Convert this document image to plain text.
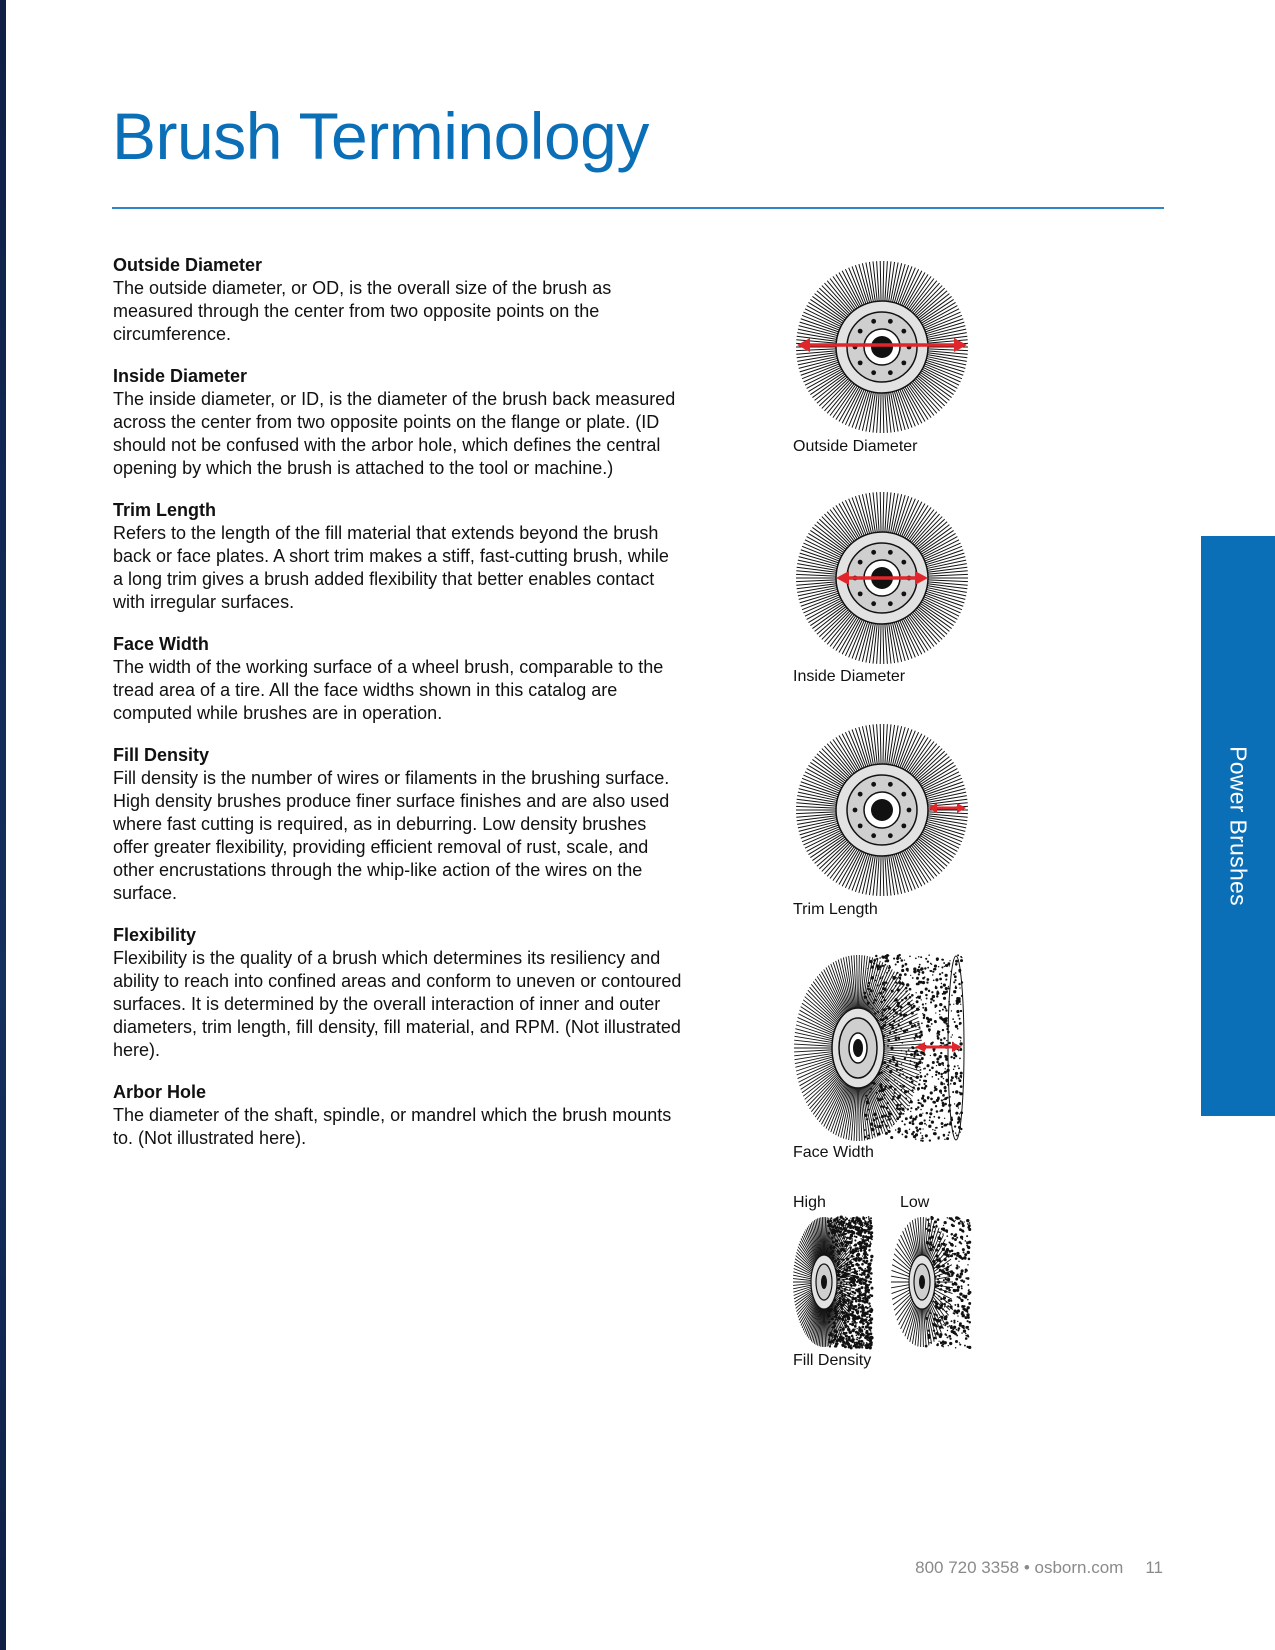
Brush Terminology
Outside Diameter
The outside diameter, or OD, is the overall size of the brush as measured through the center from two opposite points on the circumference.
Inside Diameter
The inside diameter, or ID, is the diameter of the brush back measured across the center from two opposite points on the flange or plate. (ID should not be confused with the arbor hole, which defines the central opening by which the brush is attached to the tool or machine.)
Trim Length
Refers to the length of the fill material that extends beyond the brush back or face plates. A short trim makes a stiff, fast-cutting brush, while a long trim gives a brush added flexibility that better enables contact with irregular surfaces.
Face Width
The width of the working surface of a wheel brush, comparable to the tread area of a tire. All the face widths shown in this catalog are computed while brushes are in operation.
Fill Density
Fill density is the number of wires or filaments in the brushing surface. High density brushes produce finer surface finishes and are also used where fast cutting is required, as in deburring. Low density brushes offer greater flexibility, providing efficient removal of rust, scale, and other encrustations through the whip-like action of the wires on the surface.
Flexibility
Flexibility is the quality of a brush which determines its resiliency and ability to reach into confined areas and conform to uneven or contoured surfaces. It is determined by the overall interaction of inner and outer diameters, trim length, fill density, fill material, and RPM. (Not illustrated here).
Arbor Hole
The diameter of the shaft, spindle, or mandrel which the brush mounts to. (Not illustrated here).
Outside Diameter
Inside Diameter
Trim Length
Face Width
High	Low
Fill Density
Power Brushes
800 720 3358 • osborn.com 11
